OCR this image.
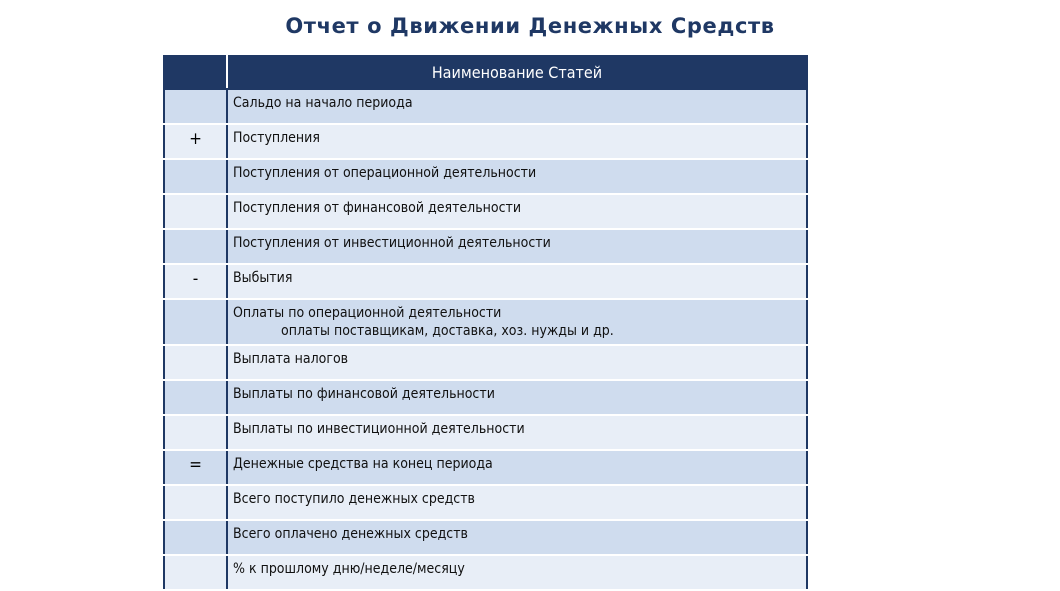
Отчет о Движении Денежных Средств
	Наименование Статей

	Сальдо на начало периода

+	Поступления

	Поступления от операционной деятельности

	Поступления от финансовой деятельности

	Поступления от инвестиционной деятельности

-	Выбытия

	Оплаты по операционной деятельности
оплаты поставщикам, доставка, хоз. нужды и др.

	Выплата налогов

	Выплаты по финансовой деятельности

	Выплаты по инвестиционной деятельности

=	Денежные средства на конец периода

	Всего поступило денежных средств

	Всего оплачено денежных средств

	% к прошлому дню/неделе/месяцу
